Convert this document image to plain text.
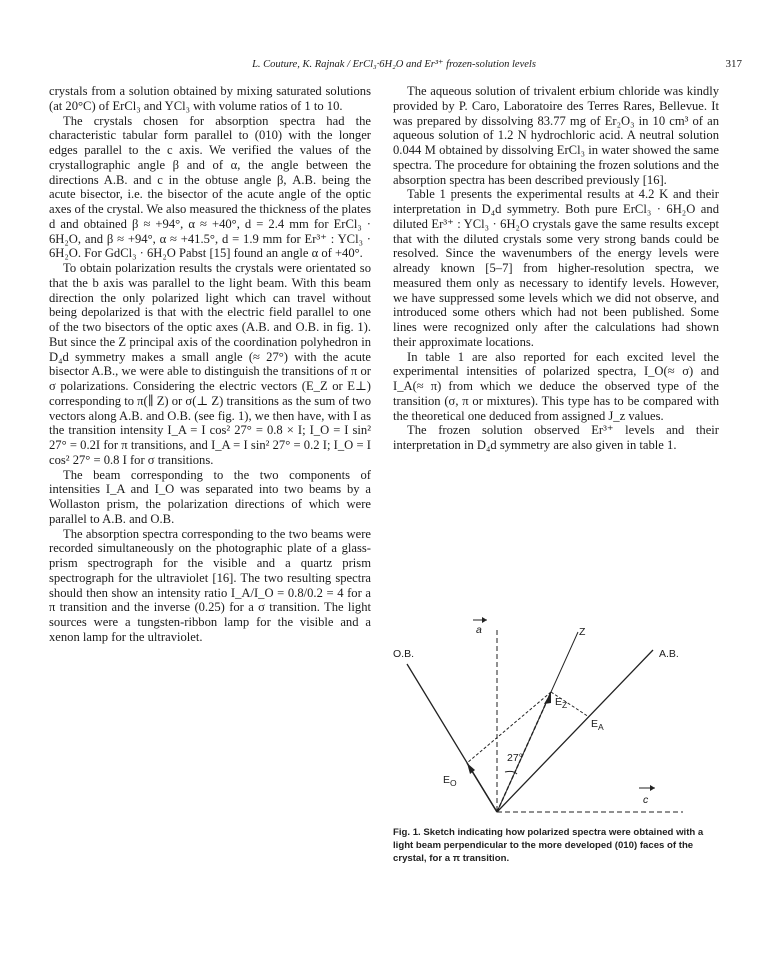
L. Couture, K. Rajnak / ErCl₃·6H₂O and Er³⁺ frozen-solution levels	317

crystals from a solution obtained by mixing saturated solutions (at 20°C) of ErCl₃ and YCl₃ with volume ratios of 1 to 10.

The crystals chosen for absorption spectra had the characteristic tabular form parallel to (010) with the longer edges parallel to the c axis. We verified the values of the crystallographic angle β and of α, the angle between the directions A.B. and c in the obtuse angle β, A.B. being the acute bisector, i.e. the bisector of the acute angle of the optic axes of the crystal. We also measured the thickness of the plates d and obtained β ≈ +94°, α ≈ +40°, d = 2.4 mm for ErCl₃ · 6H₂O, and β ≈ +94°, α ≈ +41.5°, d = 1.9 mm for Er³⁺ : YCl₃ · 6H₂O. For GdCl₃ · 6H₂O Pabst [15] found an angle α of +40°.

To obtain polarization results the crystals were orientated so that the b axis was parallel to the light beam. With this beam direction the only polarized light which can travel without being depolarized is that with the electric field parallel to one of the two bisectors of the optic axes (A.B. and O.B. in fig. 1). But since the Z principal axis of the coordination polyhedron in D₄d symmetry makes a small angle (≈ 27°) with the acute bisector A.B., we were able to distinguish the transitions of π or σ polarizations. Considering the electric vectors (E_Z or E⊥) corresponding to π(∥ Z) or σ(⊥ Z) transitions as the sum of two vectors along A.B. and O.B. (see fig. 1), we then have, with I as the transition intensity I_A = I cos² 27° = 0.8 × I; I_O = I sin² 27° = 0.2I for π transitions, and I_A = I sin² 27° = 0.2 I; I_O = I cos² 27° = 0.8 I for σ transitions.

The beam corresponding to the two components of intensities I_A and I_O was separated into two beams by a Wollaston prism, the polarization directions of which were parallel to A.B. and O.B.

The absorption spectra corresponding to the two beams were recorded simultaneously on the photographic plate of a glass-prism spectrograph for the visible and a quartz prism spectrograph for the ultraviolet [16]. The two resulting spectra should then show an intensity ratio I_A/I_O = 0.8/0.2 = 4 for a π transition and the inverse (0.25) for a σ transition. The light sources were a tungsten-ribbon lamp for the visible and a xenon lamp for the ultraviolet.

The aqueous solution of trivalent erbium chloride was kindly provided by P. Caro, Laboratoire des Terres Rares, Bellevue. It was prepared by dissolving 83.77 mg of Er₂O₃ in 10 cm³ of an aqueous solution of 1.2 N hydrochloric acid. A neutral solution 0.044 M obtained by dissolving ErCl₃ in water showed the same spectra. The procedure for obtaining the frozen solutions and the absorption spectra has been described previously [16].

Table 1 presents the experimental results at 4.2 K and their interpretation in D₄d symmetry. Both pure ErCl₃ · 6H₂O and diluted Er³⁺ : YCl₃ · 6H₂O crystals gave the same results except that with the diluted crystals some very strong bands could be resolved. Since the wavenumbers of the energy levels were already known [5–7] from higher-resolution spectra, we measured them only as necessary to identify levels. However, we have suppressed some levels which we did not observe, and introduced some others which had not been published. Some lines were recognized only after the calculations had shown their approximate locations.

In table 1 are also reported for each excited level the experimental intensities of polarized spectra, I_O(≈ σ) and I_A(≈ π) from which we deduce the observed type of the transition (σ, π or mixtures). This type has to be compared with the theoretical one deduced from assigned J_z values.

The frozen solution observed Er³⁺ levels and their interpretation in D₄d symmetry are also given in table 1.

a	Z
O.B.	A.B.
$E_Z$
$E_A$
$E_O$
27°
c
Fig. 1. Sketch indicating how polarized spectra were obtained with a light beam perpendicular to the more developed (010) faces of the crystal, for a π transition.
